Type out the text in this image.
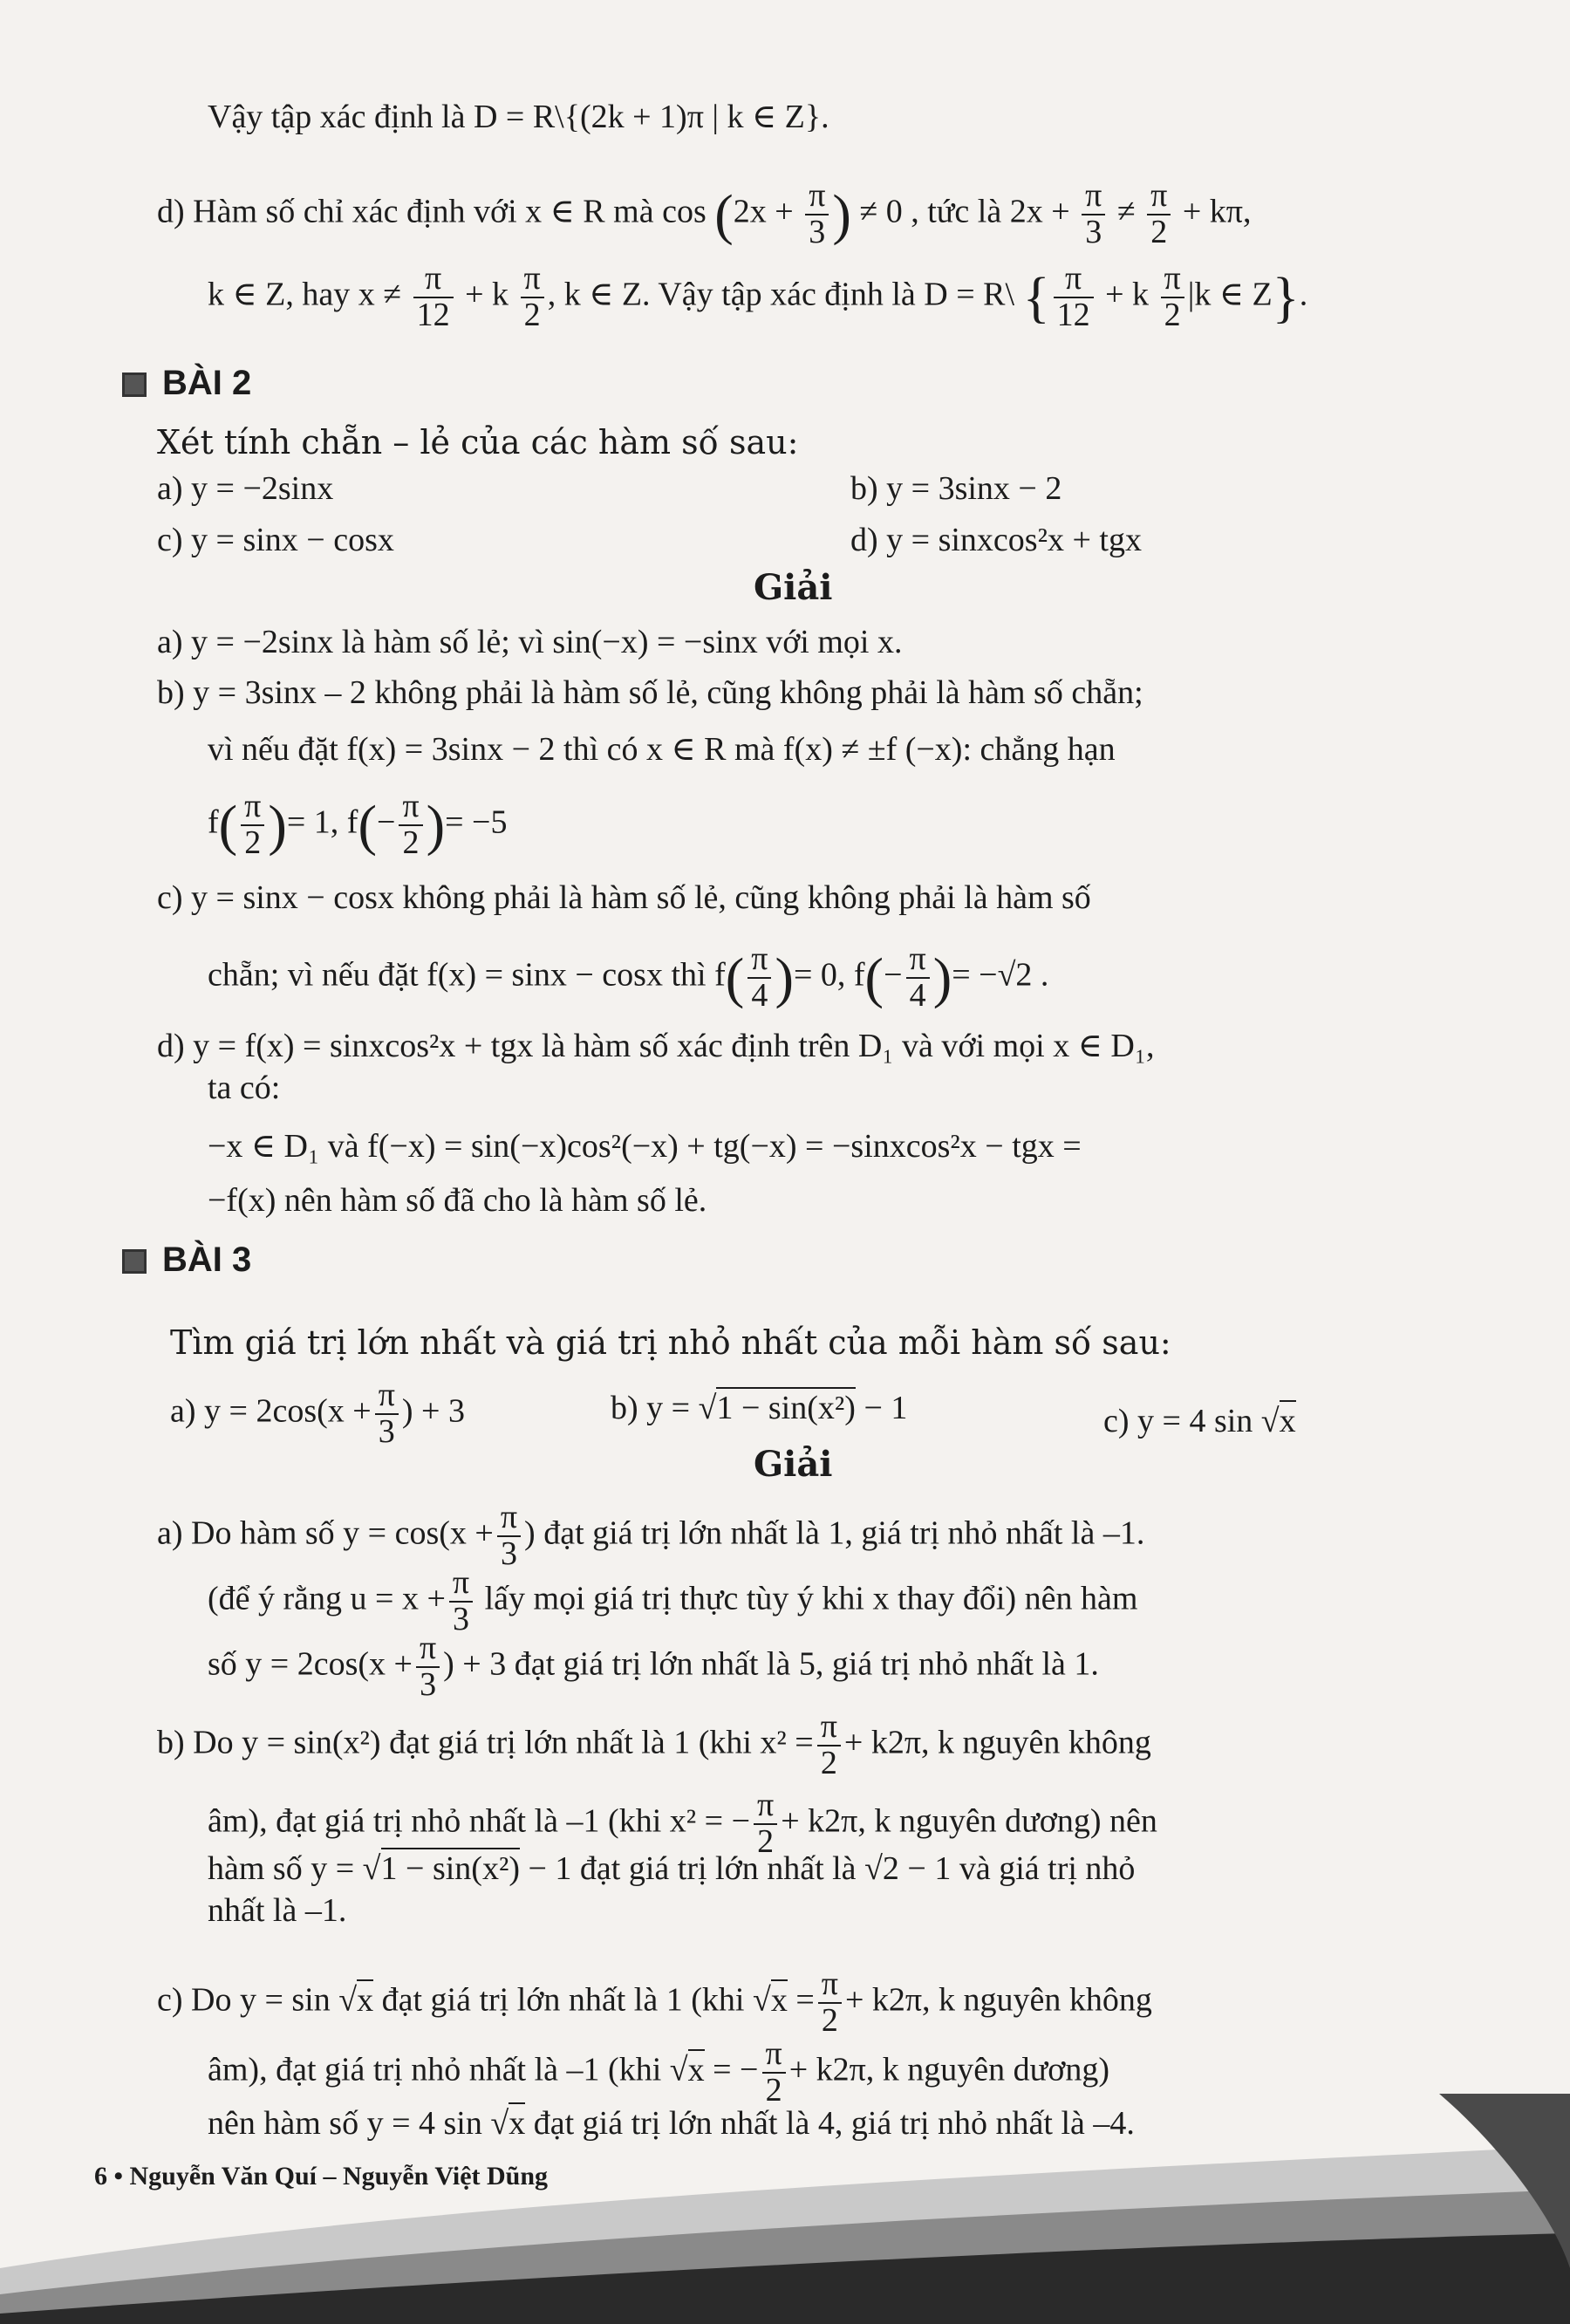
Vậy tập xác định là D = R\{(2k + 1)π | k ∈ Z}.
d) Hàm số chỉ xác định với x ∈ R mà $\cos (2x + \frac{\pi}{3}$ ) ≠ 0 , tức là $2x + \frac{\pi}{3} \ne \frac{\pi}{2} + k\pi$,
k ∈ Z, hay $x \ne \frac{\pi}{12} + k \frac{\pi}{2}$ , k ∈ Z. Vậy tập xác định là D = R\ { $\frac{\pi}{12} + k \frac{\pi}{2} |k$ ∈ Z}.
BÀI 2
Xét tính chẵn – lẻ của các hàm số sau:
a) y = −2sinx	b) y = 3sinx − 2
c) y = sinx − cosx	d) y = sinxcos²x + tgx
Giải
a) y = −2sinx là hàm số lẻ; vì sin(−x) = −sinx với mọi x.
b) y = 3sinx – 2 không phải là hàm số lẻ, cũng không phải là hàm số chẵn;
vì nếu đặt f(x) = 3sinx − 2 thì có x ∈ R mà f(x) ≠ ±f (−x): chẳng hạn
$f( \frac{\pi}{2}$ )= 1, $f(- \frac{\pi}{2}$ )= −5
c) y = sinx − cosx không phải là hàm số lẻ, cũng không phải là hàm số
chẵn; vì nếu đặt f(x) = sinx − cosx thì $f( \frac{\pi}{4}$ )= 0, $f(- \frac{\pi}{4}$ )= −√2 .
d) y = f(x) = sinxcos²x + tgx là hàm số xác định trên D₁ và với mọi x ∈ D₁,
ta có:
−x ∈ D₁ và f(−x) = sin(−x)cos²(−x) + tg(−x) = −sinxcos²x − tgx =
−f(x) nên hàm số đã cho là hàm số lẻ.
BÀI 3
Tìm giá trị lớn nhất và giá trị nhỏ nhất của mỗi hàm số sau:
a) $y = 2\cos(x + \frac{\pi}{3}$ ) + 3	b) y = √1 − sin(x²) − 1	c) y = 4 sin √x
Giải
a) Do hàm số $y = \cos(x + \frac{\pi}{3}$ ) đạt giá trị lớn nhất là 1, giá trị nhỏ nhất là –1.
(để ý rằng $u = x + \frac{\pi}{3}$ lấy mọi giá trị thực tùy ý khi x thay đổi) nên hàm
số $y = 2\cos(x + \frac{\pi}{3}$ ) + 3 đạt giá trị lớn nhất là 5, giá trị nhỏ nhất là 1.
b) Do y = sin(x²) đạt giá trị lớn nhất là 1 (khi $x^2 = \frac{\pi}{2} + k2\pi$, k nguyên không
âm), đạt giá trị nhỏ nhất là –1 (khi x² = − $\frac{\pi}{2} + k2\pi$, k nguyên dương) nên
hàm số y = √1 − sin(x²) − 1 đạt giá trị lớn nhất là √2 − 1 và giá trị nhỏ
nhất là –1.
c) Do y = sin √x đạt giá trị lớn nhất là 1 (khi $√x = \frac{\pi}{2} + k2\pi$, k nguyên không
âm), đạt giá trị nhỏ nhất là –1 (khi √x = − $\frac{\pi}{2} + k2\pi$, k nguyên dương)
nên hàm số y = 4 sin √x đạt giá trị lớn nhất là 4, giá trị nhỏ nhất là –4.
6 • Nguyễn Văn Quí – Nguyễn Việt Dũng
